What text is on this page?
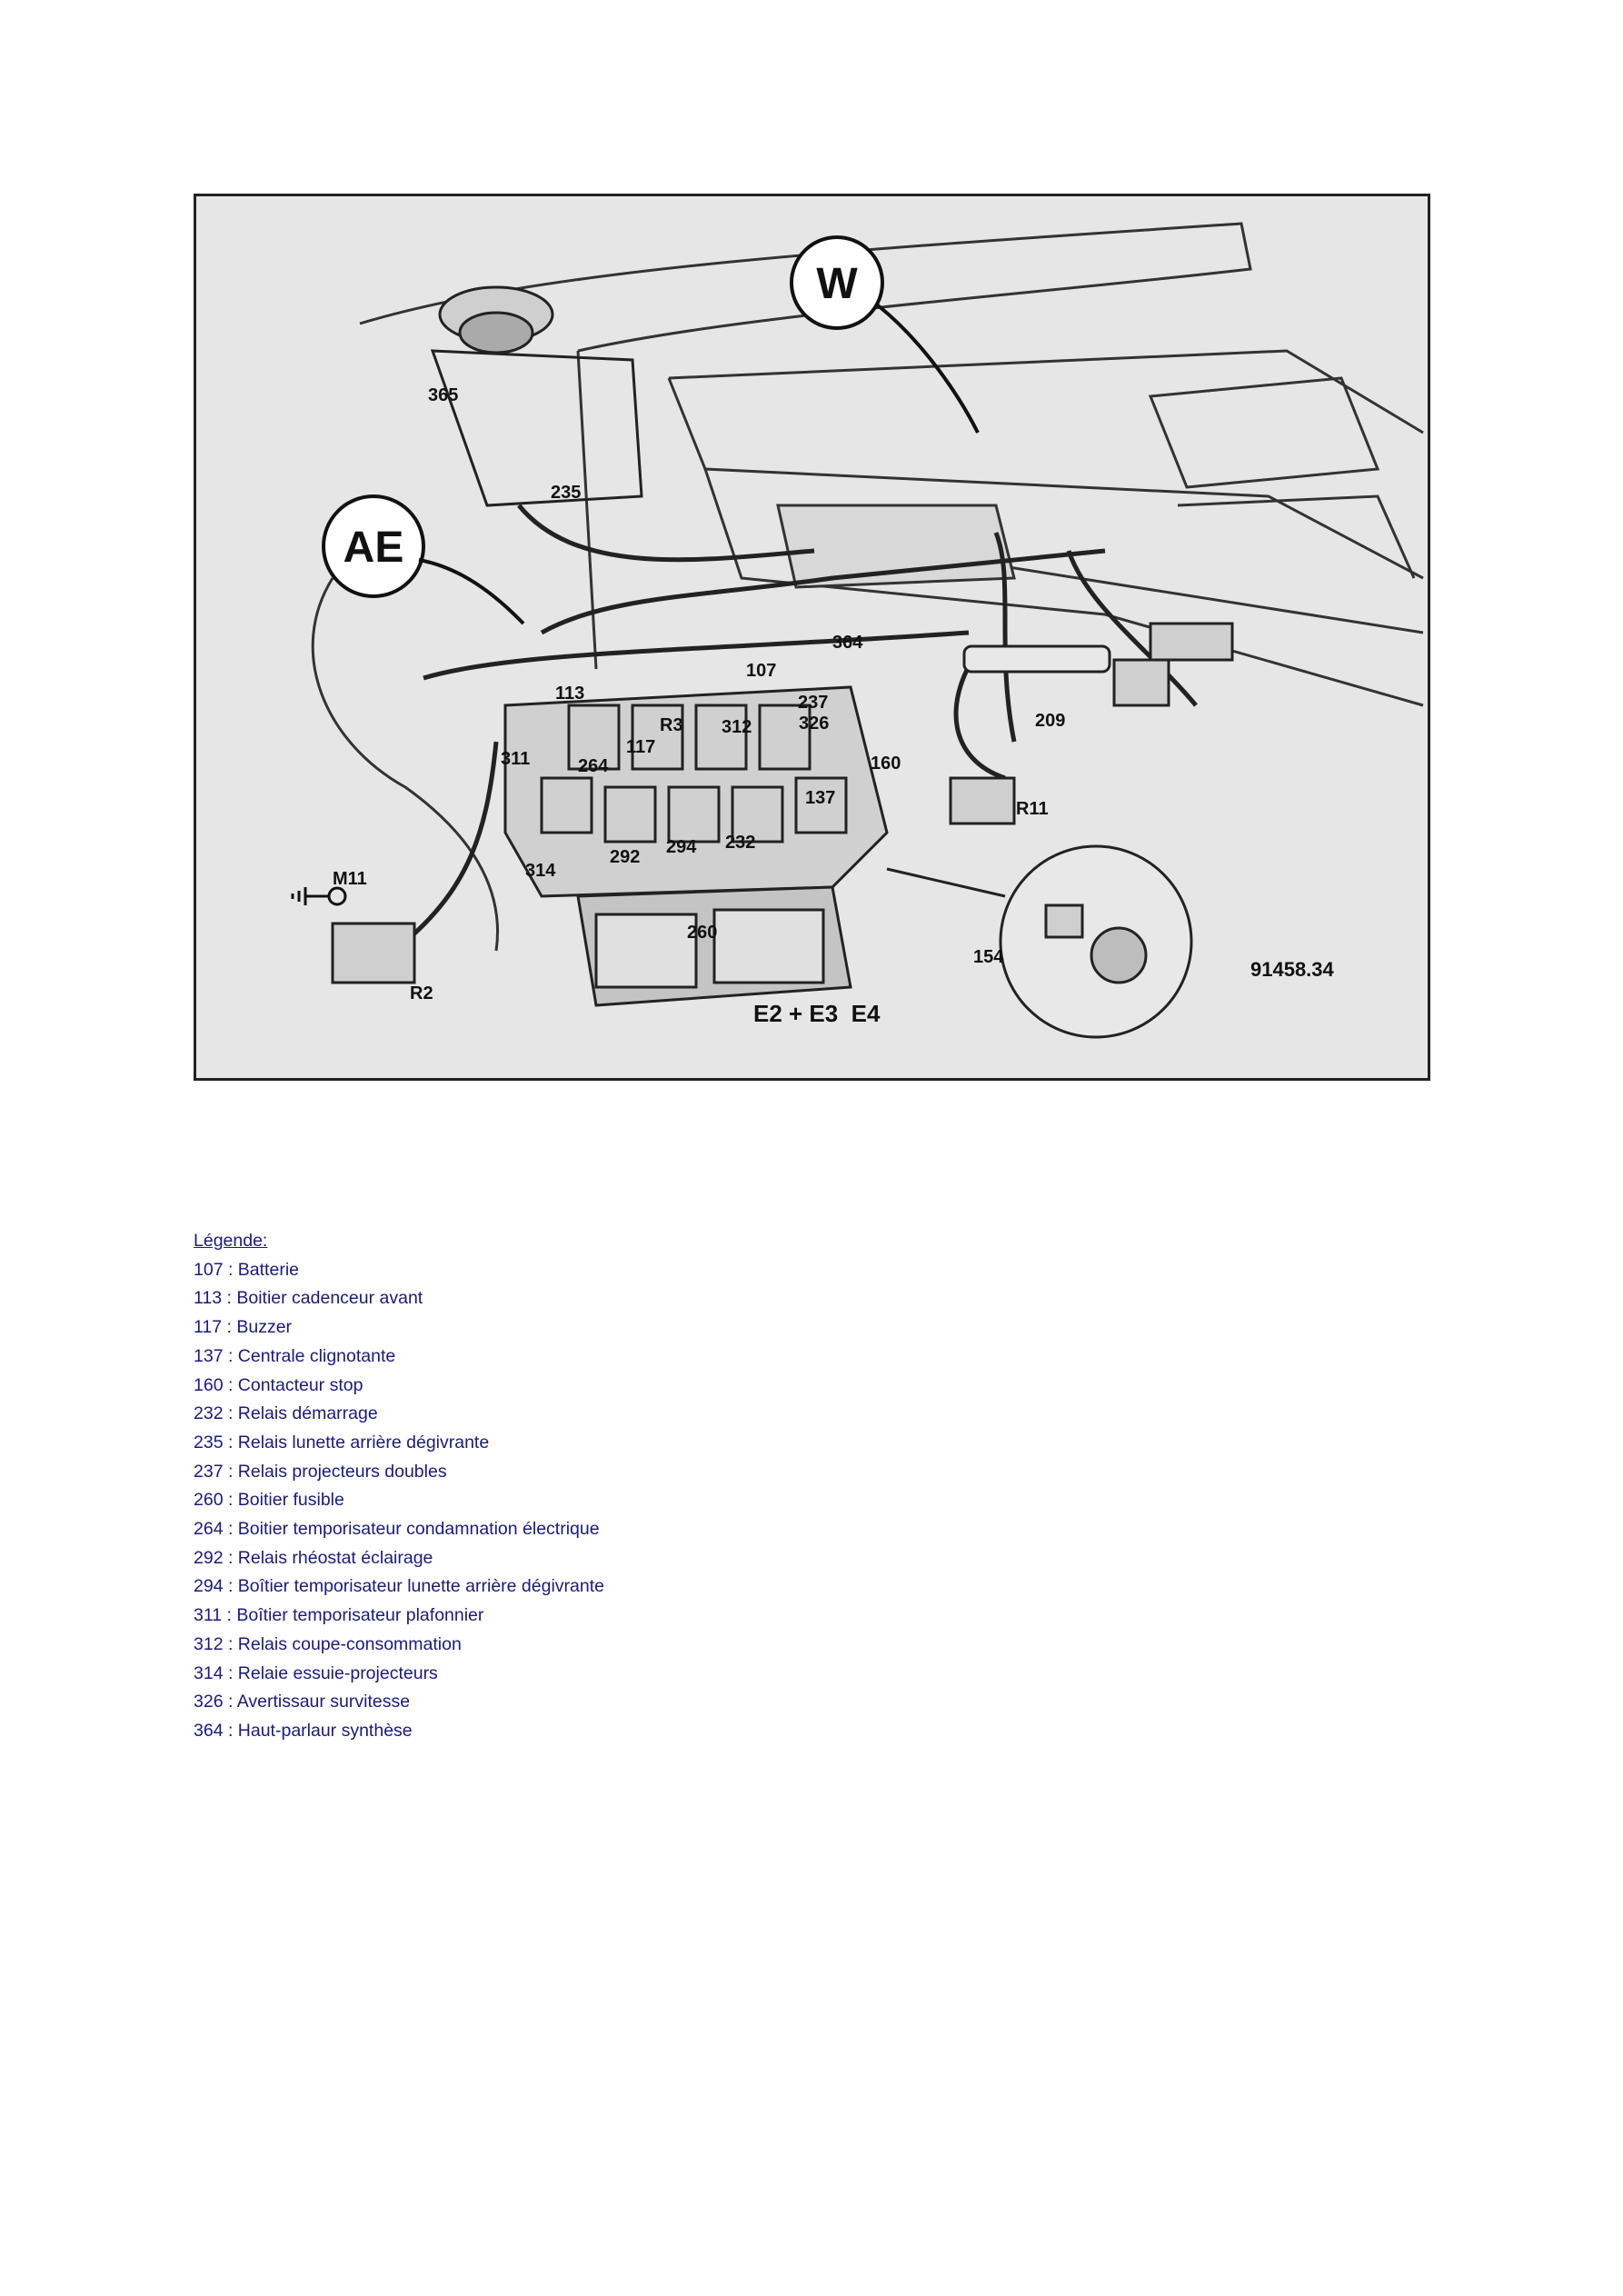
W
AE
365
235
364
107
113	237
312	326
R3
117
209
160
311	264
137
R11
292 294 232
M11	314
260
154
R2
91458.34
E2 + E3  E4
Légende:
107 : Batterie
113 : Boitier cadenceur avant
117 : Buzzer
137 : Centrale clignotante
160 : Contacteur stop
232 : Relais démarrage
235 : Relais lunette arrière dégivrante
237 : Relais projecteurs doubles
260 : Boitier fusible
264 : Boitier temporisateur condamnation électrique
292 : Relais rhéostat éclairage
294 : Boîtier temporisateur lunette arrière dégivrante
311 : Boîtier temporisateur plafonnier
312 : Relais coupe-consommation
314 : Relaie essuie-projecteurs
326 : Avertissaur survitesse
364 : Haut-parlaur synthèse
